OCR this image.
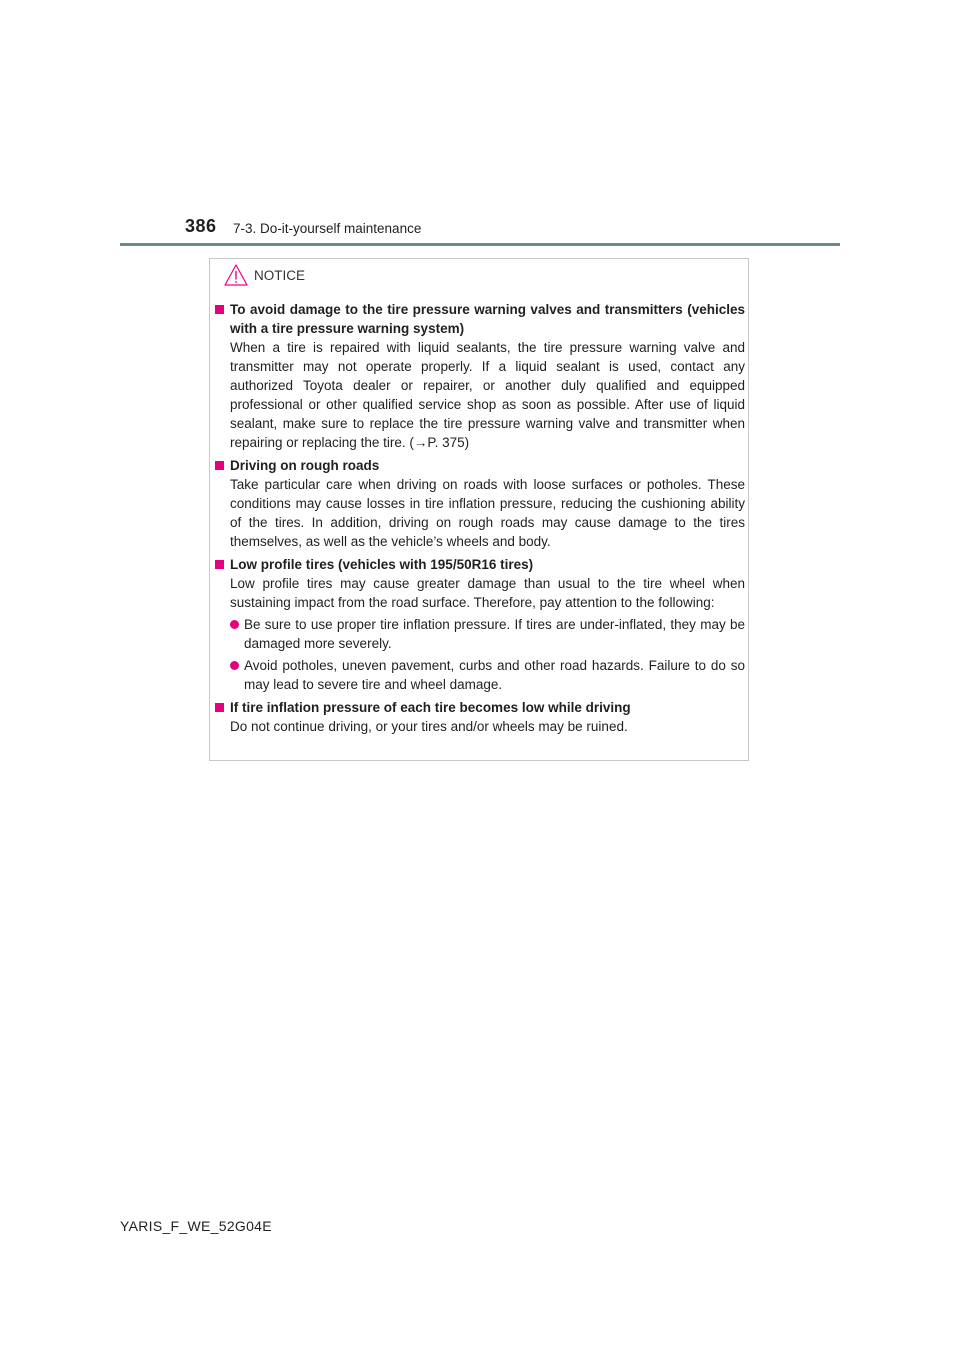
386 7-3. Do-it-yourself maintenance
NOTICE
To avoid damage to the tire pressure warning valves and transmitters (vehicles with a tire pressure warning system)
When a tire is repaired with liquid sealants, the tire pressure warning valve and transmitter may not operate properly. If a liquid sealant is used, contact any authorized Toyota dealer or repairer, or another duly qualified and equipped professional or other qualified service shop as soon as possible. After use of liquid sealant, make sure to replace the tire pressure warning valve and transmitter when repairing or replacing the tire. (→P. 375)
Driving on rough roads
Take particular care when driving on roads with loose surfaces or potholes. These conditions may cause losses in tire inflation pressure, reducing the cushioning ability of the tires. In addition, driving on rough roads may cause damage to the tires themselves, as well as the vehicle’s wheels and body.
Low profile tires (vehicles with 195/50R16 tires)
Low profile tires may cause greater damage than usual to the tire wheel when sustaining impact from the road surface. Therefore, pay attention to the following:
Be sure to use proper tire inflation pressure. If tires are under-inflated, they may be damaged more severely.
Avoid potholes, uneven pavement, curbs and other road hazards. Failure to do so may lead to severe tire and wheel damage.
If tire inflation pressure of each tire becomes low while driving
Do not continue driving, or your tires and/or wheels may be ruined.
YARIS_F_WE_52G04E
